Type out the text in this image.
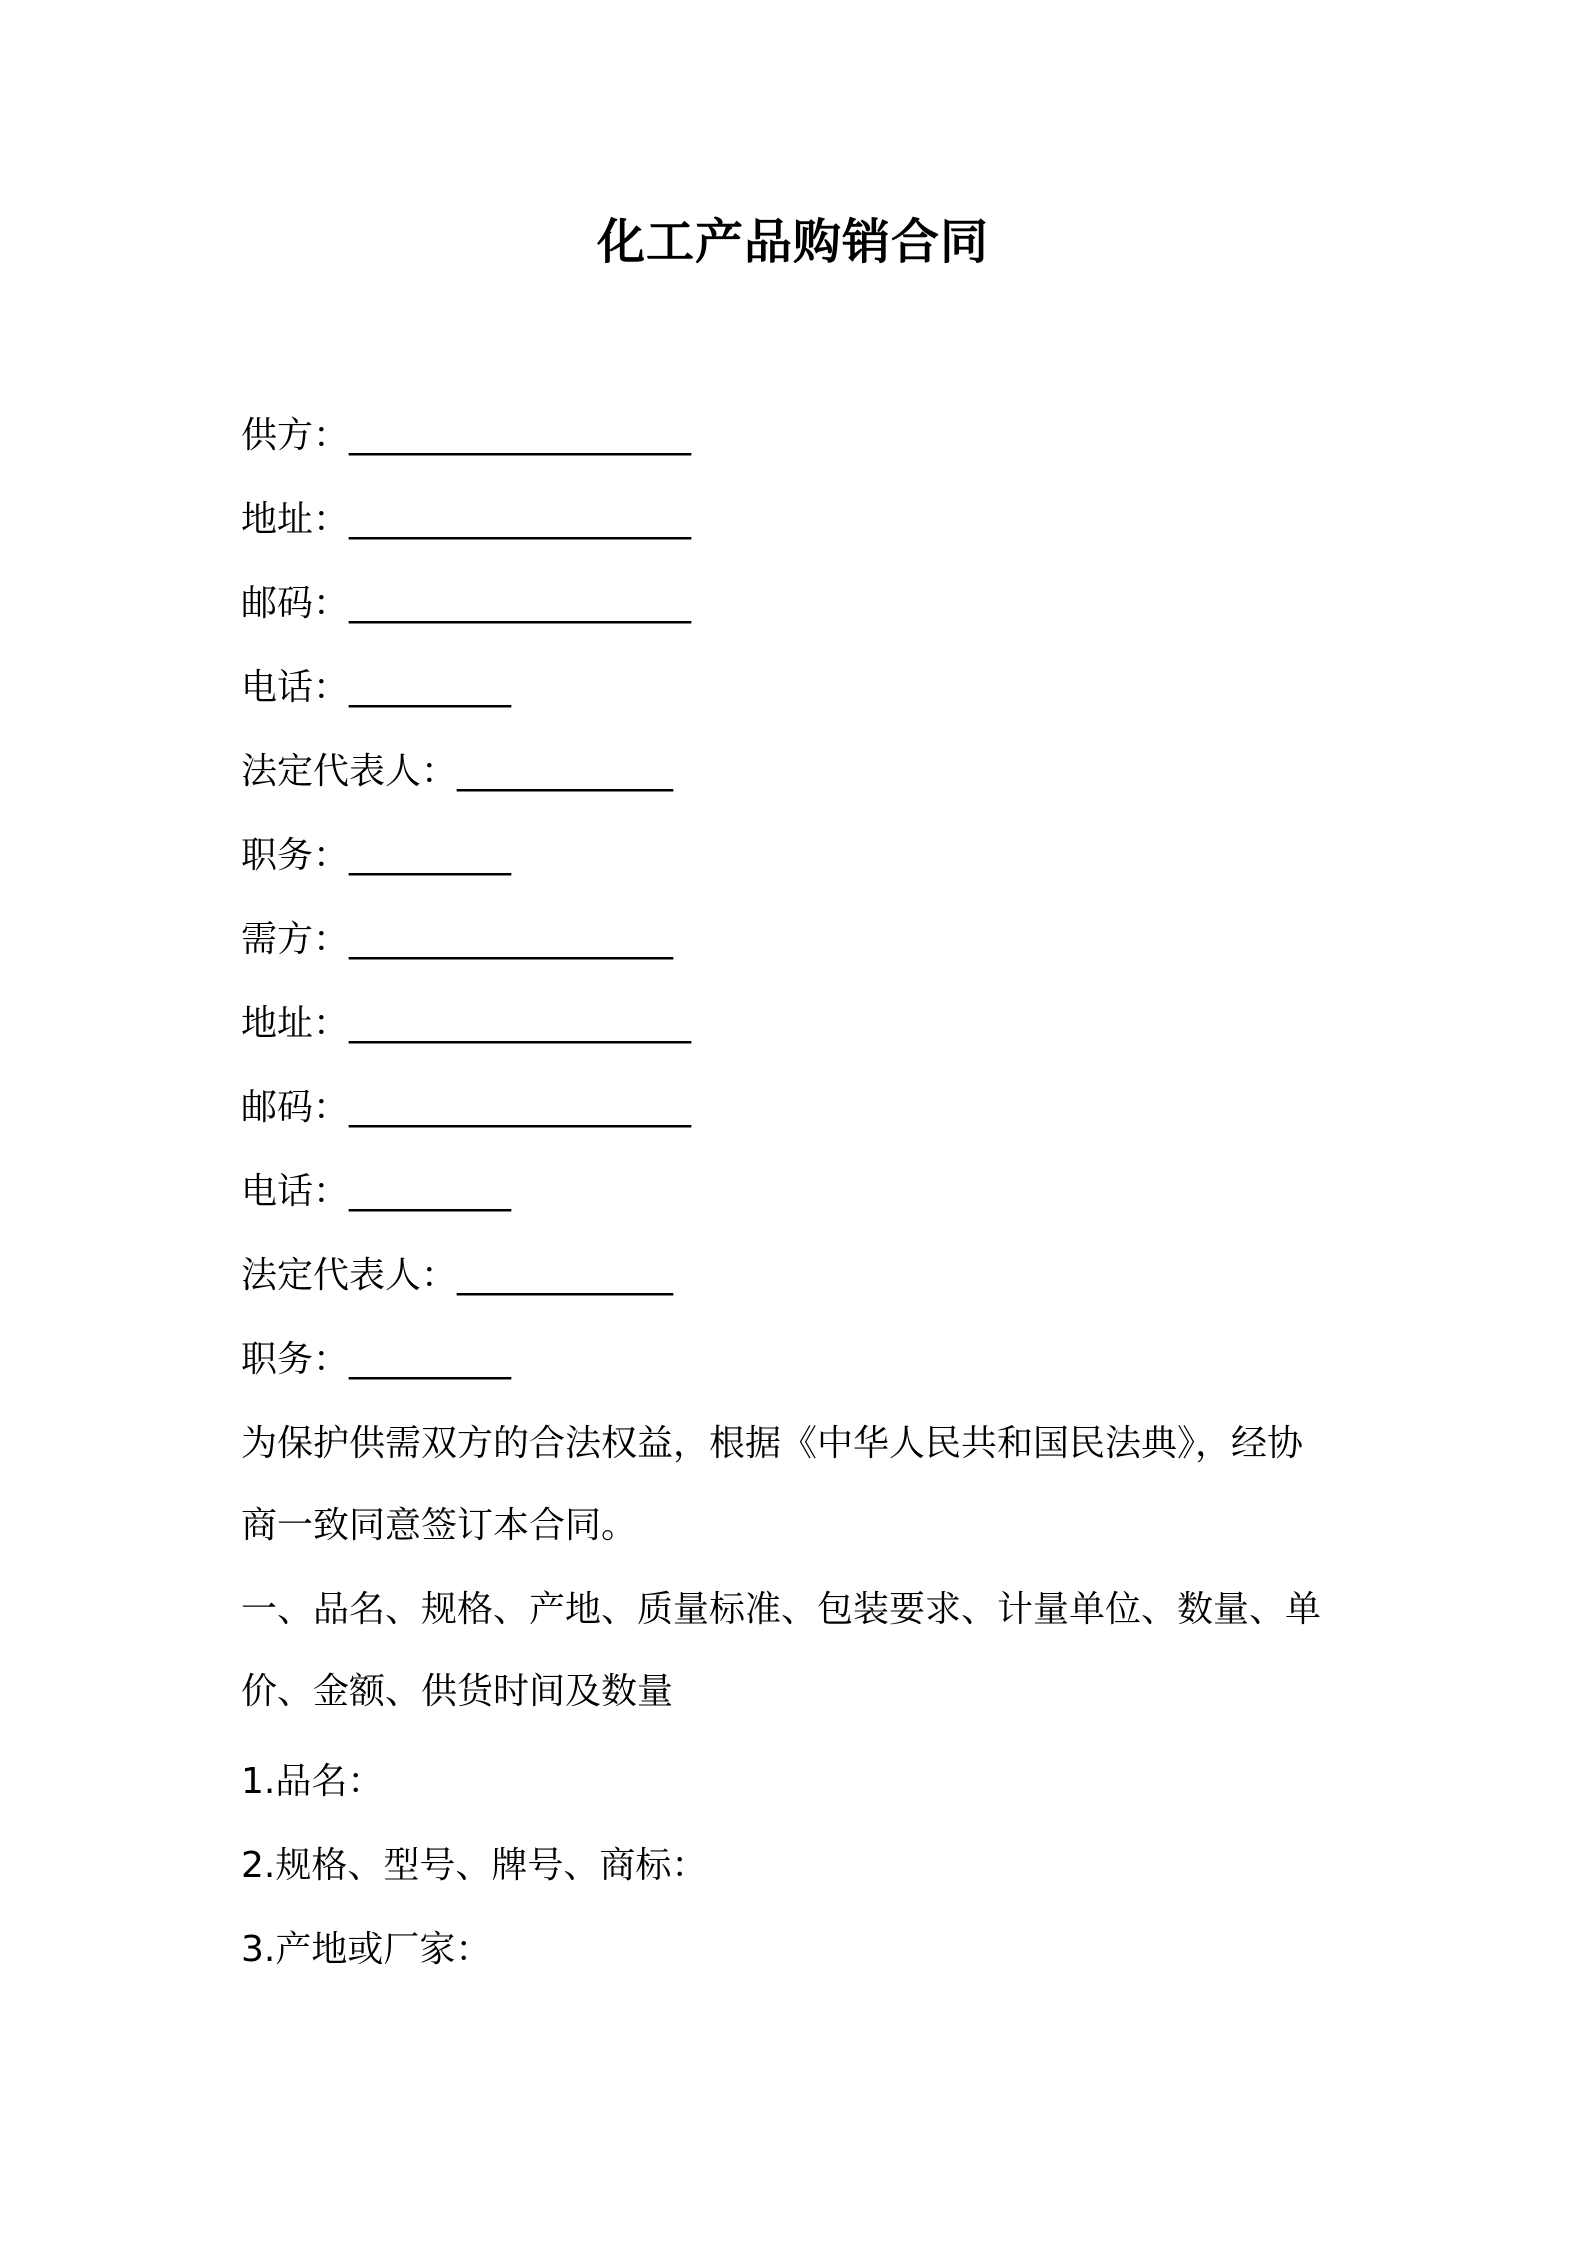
化工产品购销合同
供方：___________________
地址：___________________
邮码：___________________
电话：_________
法定代表人：____________
职务：_________
需方：__________________
地址：___________________
邮码：___________________
电话：_________
法定代表人：____________
职务：_________
为保护供需双方的合法权益，根据《中华人民共和国民法典》，经协
商一致同意签订本合同。
一、品名、规格、产地、质量标准、包装要求、计量单位、数量、单
价、金额、供货时间及数量
1.品名：
2.规格、型号、牌号、商标：
3.产地或厂家：
